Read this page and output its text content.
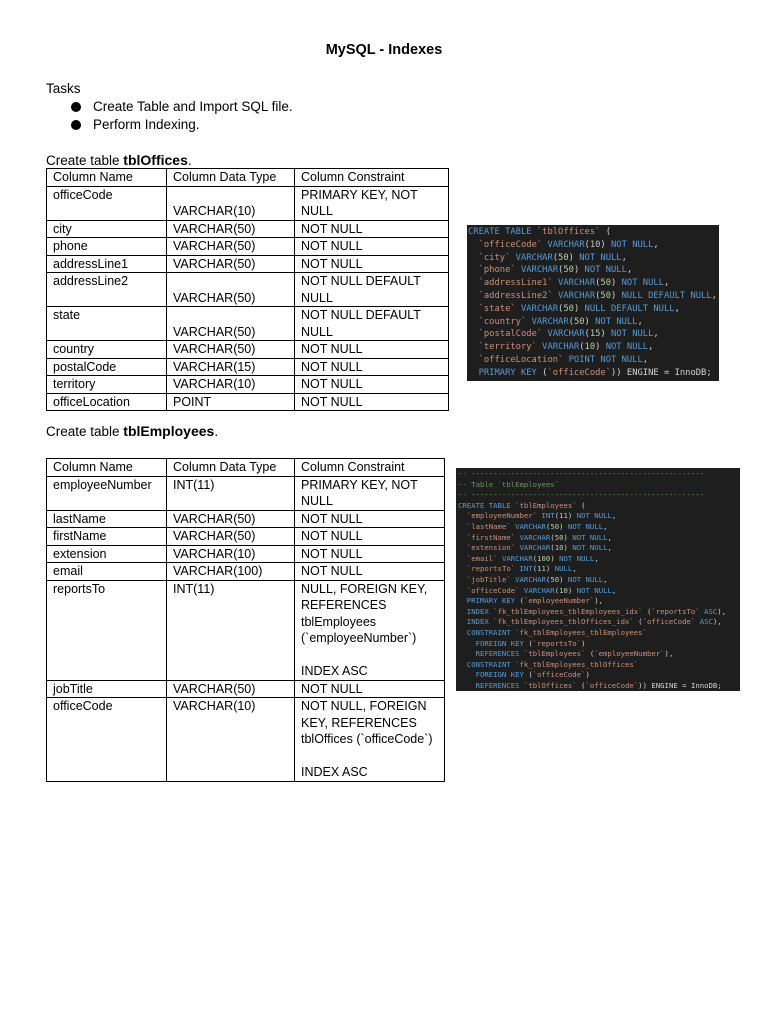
MySQL - Indexes
Tasks
Create Table and Import SQL file.
Perform Indexing.
Create table tblOffices.
Column Name	Column Data Type	Column Constraint
officeCode	VARCHAR(10)	PRIMARY KEY, NOT NULL
city	VARCHAR(50)	NOT NULL
phone	VARCHAR(50)	NOT NULL
addressLine1	VARCHAR(50)	NOT NULL
addressLine2	VARCHAR(50)	NOT NULL DEFAULT NULL
state	VARCHAR(50)	NOT NULL DEFAULT NULL
country	VARCHAR(50)	NOT NULL
postalCode	VARCHAR(15)	NOT NULL
territory	VARCHAR(10)	NOT NULL
officeLocation	POINT	NOT NULL
CREATE TABLE `tblOffices` (
`officeCode` VARCHAR(10) NOT NULL,
`city` VARCHAR(50) NOT NULL,
`phone` VARCHAR(50) NOT NULL,
`addressLine1` VARCHAR(50) NOT NULL,
`addressLine2` VARCHAR(50) NULL DEFAULT NULL,
`state` VARCHAR(50) NULL DEFAULT NULL,
`country` VARCHAR(50) NOT NULL,
`postalCode` VARCHAR(15) NOT NULL,
`territory` VARCHAR(10) NOT NULL,
`officeLocation` POINT NOT NULL,
PRIMARY KEY (`officeCode`)) ENGINE = InnoDB;
Create table tblEmployees.
Column Name	Column Data Type	Column Constraint
employeeNumber	INT(11)	PRIMARY KEY, NOT NULL
lastName	VARCHAR(50)	NOT NULL
firstName	VARCHAR(50)	NOT NULL
extension	VARCHAR(10)	NOT NULL
email	VARCHAR(100)	NOT NULL
reportsTo	INT(11)	NULL, FOREIGN KEY, REFERENCES tblEmployees (`employeeNumber`)
INDEX ASC

jobTitle	VARCHAR(50)	NOT NULL
officeCode	VARCHAR(10)	NOT NULL, FOREIGN KEY, REFERENCES tblOffices (`officeCode`)
INDEX ASC
-- -----------------------------------------------------
-- Table `tblEmployees`
-- -----------------------------------------------------
CREATE TABLE `tblEmployees` (
`employeeNumber` INT(11) NOT NULL,
`lastName` VARCHAR(50) NOT NULL,
`firstName` VARCHAR(50) NOT NULL,
`extension` VARCHAR(10) NOT NULL,
`email` VARCHAR(100) NOT NULL,
`reportsTo` INT(11) NULL,
`jobTitle` VARCHAR(50) NOT NULL,
`officeCode` VARCHAR(10) NOT NULL,
PRIMARY KEY (`employeeNumber`),
INDEX `fk_tblEmployees_tblEmployees_idx` (`reportsTo` ASC),
INDEX `fk_tblEmployees_tblOffices_idx` (`officeCode` ASC),
CONSTRAINT `fk_tblEmployees_tblEmployees`
FOREIGN KEY (`reportsTo`)
REFERENCES `tblEmployees` (`employeeNumber`),
CONSTRAINT `fk_tblEmployees_tblOffices`
FOREIGN KEY (`officeCode`)
REFERENCES `tblOffices` (`officeCode`)) ENGINE = InnoDB;
